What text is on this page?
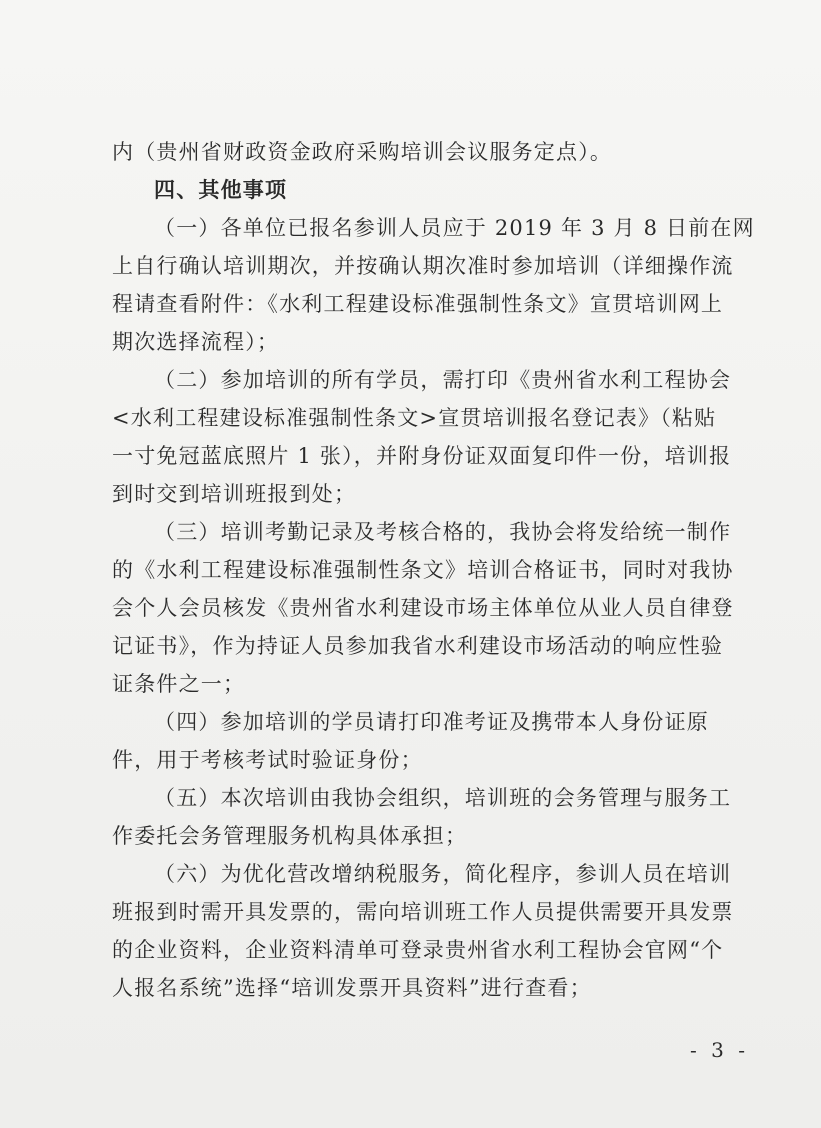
内（贵州省财政资金政府采购培训会议服务定点）。
四、其他事项
（一）各单位已报名参训人员应于 2019 年 3 月 8 日前在网
上自行确认培训期次，并按确认期次准时参加培训（详细操作流
程请查看附件：《水利工程建设标准强制性条文》宣贯培训网上
期次选择流程）；
（二）参加培训的所有学员，需打印《贵州省水利工程协会
<水利工程建设标准强制性条文>宣贯培训报名登记表》（粘贴
一寸免冠蓝底照片 1 张），并附身份证双面复印件一份，培训报
到时交到培训班报到处；
（三）培训考勤记录及考核合格的，我协会将发给统一制作
的《水利工程建设标准强制性条文》培训合格证书，同时对我协
会个人会员核发《贵州省水利建设市场主体单位从业人员自律登
记证书》，作为持证人员参加我省水利建设市场活动的响应性验
证条件之一；
（四）参加培训的学员请打印准考证及携带本人身份证原
件，用于考核考试时验证身份；
（五）本次培训由我协会组织，培训班的会务管理与服务工
作委托会务管理服务机构具体承担；
（六）为优化营改增纳税服务，简化程序，参训人员在培训
班报到时需开具发票的，需向培训班工作人员提供需要开具发票
的企业资料，企业资料清单可登录贵州省水利工程协会官网“个
人报名系统”选择“培训发票开具资料”进行查看；
- 3 -
